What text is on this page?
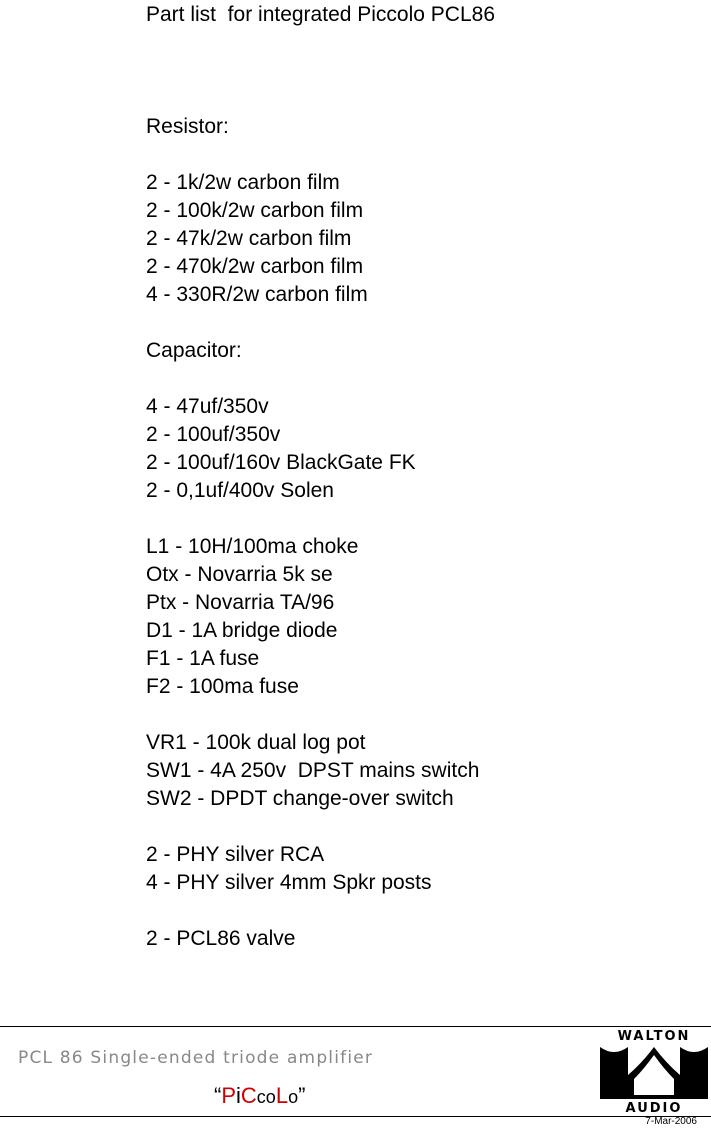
Part list  for integrated Piccolo PCL86
Resistor:
2 - 1k/2w carbon film
2 - 100k/2w carbon film
2 - 47k/2w carbon film
2 - 470k/2w carbon film
4 - 330R/2w carbon film
Capacitor:
4 - 47uf/350v
2 - 100uf/350v
2 - 100uf/160v BlackGate FK
2 - 0,1uf/400v Solen
L1 - 10H/100ma choke
Otx - Novarria 5k se
Ptx - Novarria TA/96
D1 - 1A bridge diode
F1 - 1A fuse
F2 - 100ma fuse
VR1 - 100k dual log pot
SW1 - 4A 250v  DPST mains switch
SW2 - DPDT change-over switch
2 - PHY silver RCA
4 - PHY silver 4mm Spkr posts
2 - PCL86 valve
PCL 86 Single-ended triode amplifier
“PiCcoLo”
WALTON
AUDIO
7-Mar-2006
